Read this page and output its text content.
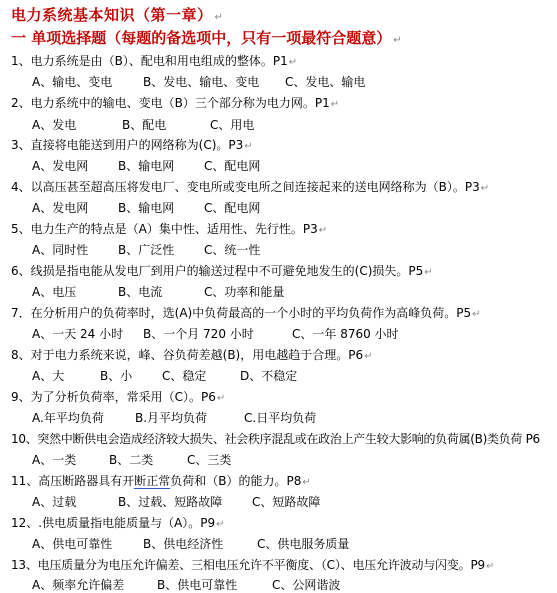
电力系统基本知识（第一章） ↵
一 单项选择题（每题的备选项中，只有一项最符合题意） ↵
1、电力系统是由（B）、配电和用电组成的整体。P1↵
A、输电、变电	B、发电、输电、变电 C、发电、输电
2、电力系统中的输电、变电（B）三个部分称为电力网。P1↵
A、发电	B、配电	C、用电
3、直接将电能送到用户的网络称为(C)。P3↵
A、发电网 B、输电网 C、配电网
4、以高压甚至超高压将发电厂、变电所或变电所之间连接起来的送电网络称为（B）。P3↵
A、发电网 B、输电网 C、配电网
5、电力生产的特点是（A）集中性、适用性、先行性。P3↵
A、同时性 B、广泛性 C、统一性
6、线损是指电能从发电厂到用户的输送过程中不可避免地发生的(C)损失。P5↵
A、电压	B、电流	C、功率和能量
7．在分析用户的负荷率时，选(A)中负荷最高的一个小时的平均负荷作为高峰负荷。P5↵
A、一天 24 小时 B、一个月 720 小时	C、一年 8760 小时
8、对于电力系统来说，峰、谷负荷差越(B)，用电越趋于合理。P6↵
A、大	B、小 C、稳定	D、不稳定
9、为了分析负荷率，常采用（C）。P6↵
A.年平均负荷	B.月平均负荷	C.日平均负荷
10、突然中断供电会造成经济较大损失、社会秩序混乱或在政治上产生较大影响的负荷属(B)类负荷 P6
A、一类	B、二类	C、三类
11、高压断路器具有开断正常负荷和（B）的能力。P8↵
A、过载	B、过载、短路故障 C、短路故障
12、.供电质量指电能质量与（A）。P9↵
A、供电可靠性	B、供电经济性	C、供电服务质量
13、电压质量分为电压允许偏差、三相电压允许不平衡度、（C）、电压允许波动与闪变。P9↵
A、频率允许偏差	B、供电可靠性	C、公网谐波
